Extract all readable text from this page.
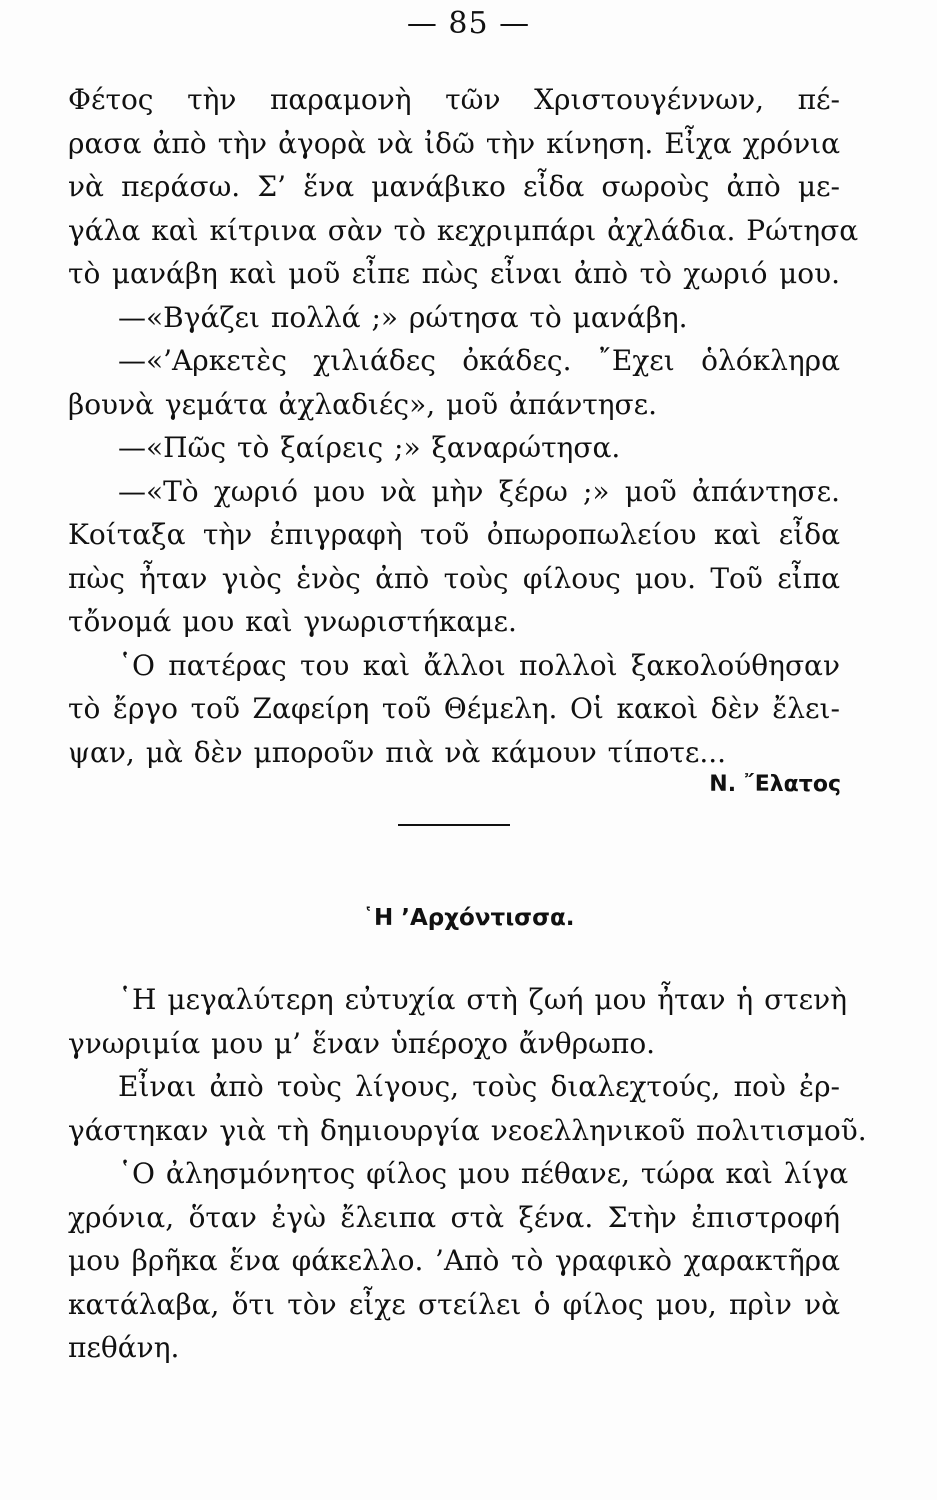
— 85 —
Φέτος τὴν παραμονὴ τῶν Χριστουγέννων, πέ-
ρασα ἀπὸ τὴν ἀγορὰ νὰ ἰδῶ τὴν κίνηση. Εἶχα χρόνια
νὰ περάσω. Σ’ ἕνα μανάβικο εἶδα σωροὺς ἀπὸ με-
γάλα καὶ κίτρινα σὰν τὸ κεχριμπάρι ἀχλάδια. Ρώτησα
τὸ μανάβη καὶ μοῦ εἶπε πὼς εἶναι ἀπὸ τὸ χωριό μου.
—«Βγάζει πολλά ;» ρώτησα τὸ μανάβη.
—«’Αρκετὲς χιλιάδες ὀκάδες. ῎Εχει ὁλόκληρα
βουνὰ γεμάτα ἀχλαδιές», μοῦ ἀπάντησε.
—«Πῶς τὸ ξαίρεις ;» ξαναρώτησα.
—«Τὸ χωριό μου νὰ μὴν ξέρω ;» μοῦ ἀπάντησε.
Κοίταξα τὴν ἐπιγραφὴ τοῦ ὀπωροπωλείου καὶ εἶδα
πὼς ἦταν γιὸς ἑνὸς ἀπὸ τοὺς φίλους μου. Τοῦ εἶπα
τὄνομά μου καὶ γνωριστήκαμε.
῾Ο πατέρας του καὶ ἄλλοι πολλοὶ ξακολούθησαν
τὸ ἔργο τοῦ Ζαφείρη τοῦ Θέμελη. Οἱ κακοὶ δὲν ἔλει-
ψαν, μὰ δὲν μποροῦν πιὰ νὰ κάμουν τίποτε...
Ν. ῎Ελατος
῾Η ’Αρχόντισσα.
῾Η μεγαλύτερη εὐτυχία στὴ ζωή μου ἦταν ἡ στενὴ
γνωριμία μου μ’ ἕναν ὑπέροχο ἄνθρωπο.
Εἶναι ἀπὸ τοὺς λίγους, τοὺς διαλεχτούς, ποὺ ἐρ-
γάστηκαν γιὰ τὴ δημιουργία νεοελληνικοῦ πολιτισμοῦ.
῾Ο ἀλησμόνητος φίλος μου πέθανε, τώρα καὶ λίγα
χρόνια, ὅταν ἐγὼ ἔλειπα στὰ ξένα. Στὴν ἐπιστροφή
μου βρῆκα ἕνα φάκελλο. ’Απὸ τὸ γραφικὸ χαρακτῆρα
κατάλαβα, ὅτι τὸν εἶχε στείλει ὁ φίλος μου, πρὶν νὰ
πεθάνη.
